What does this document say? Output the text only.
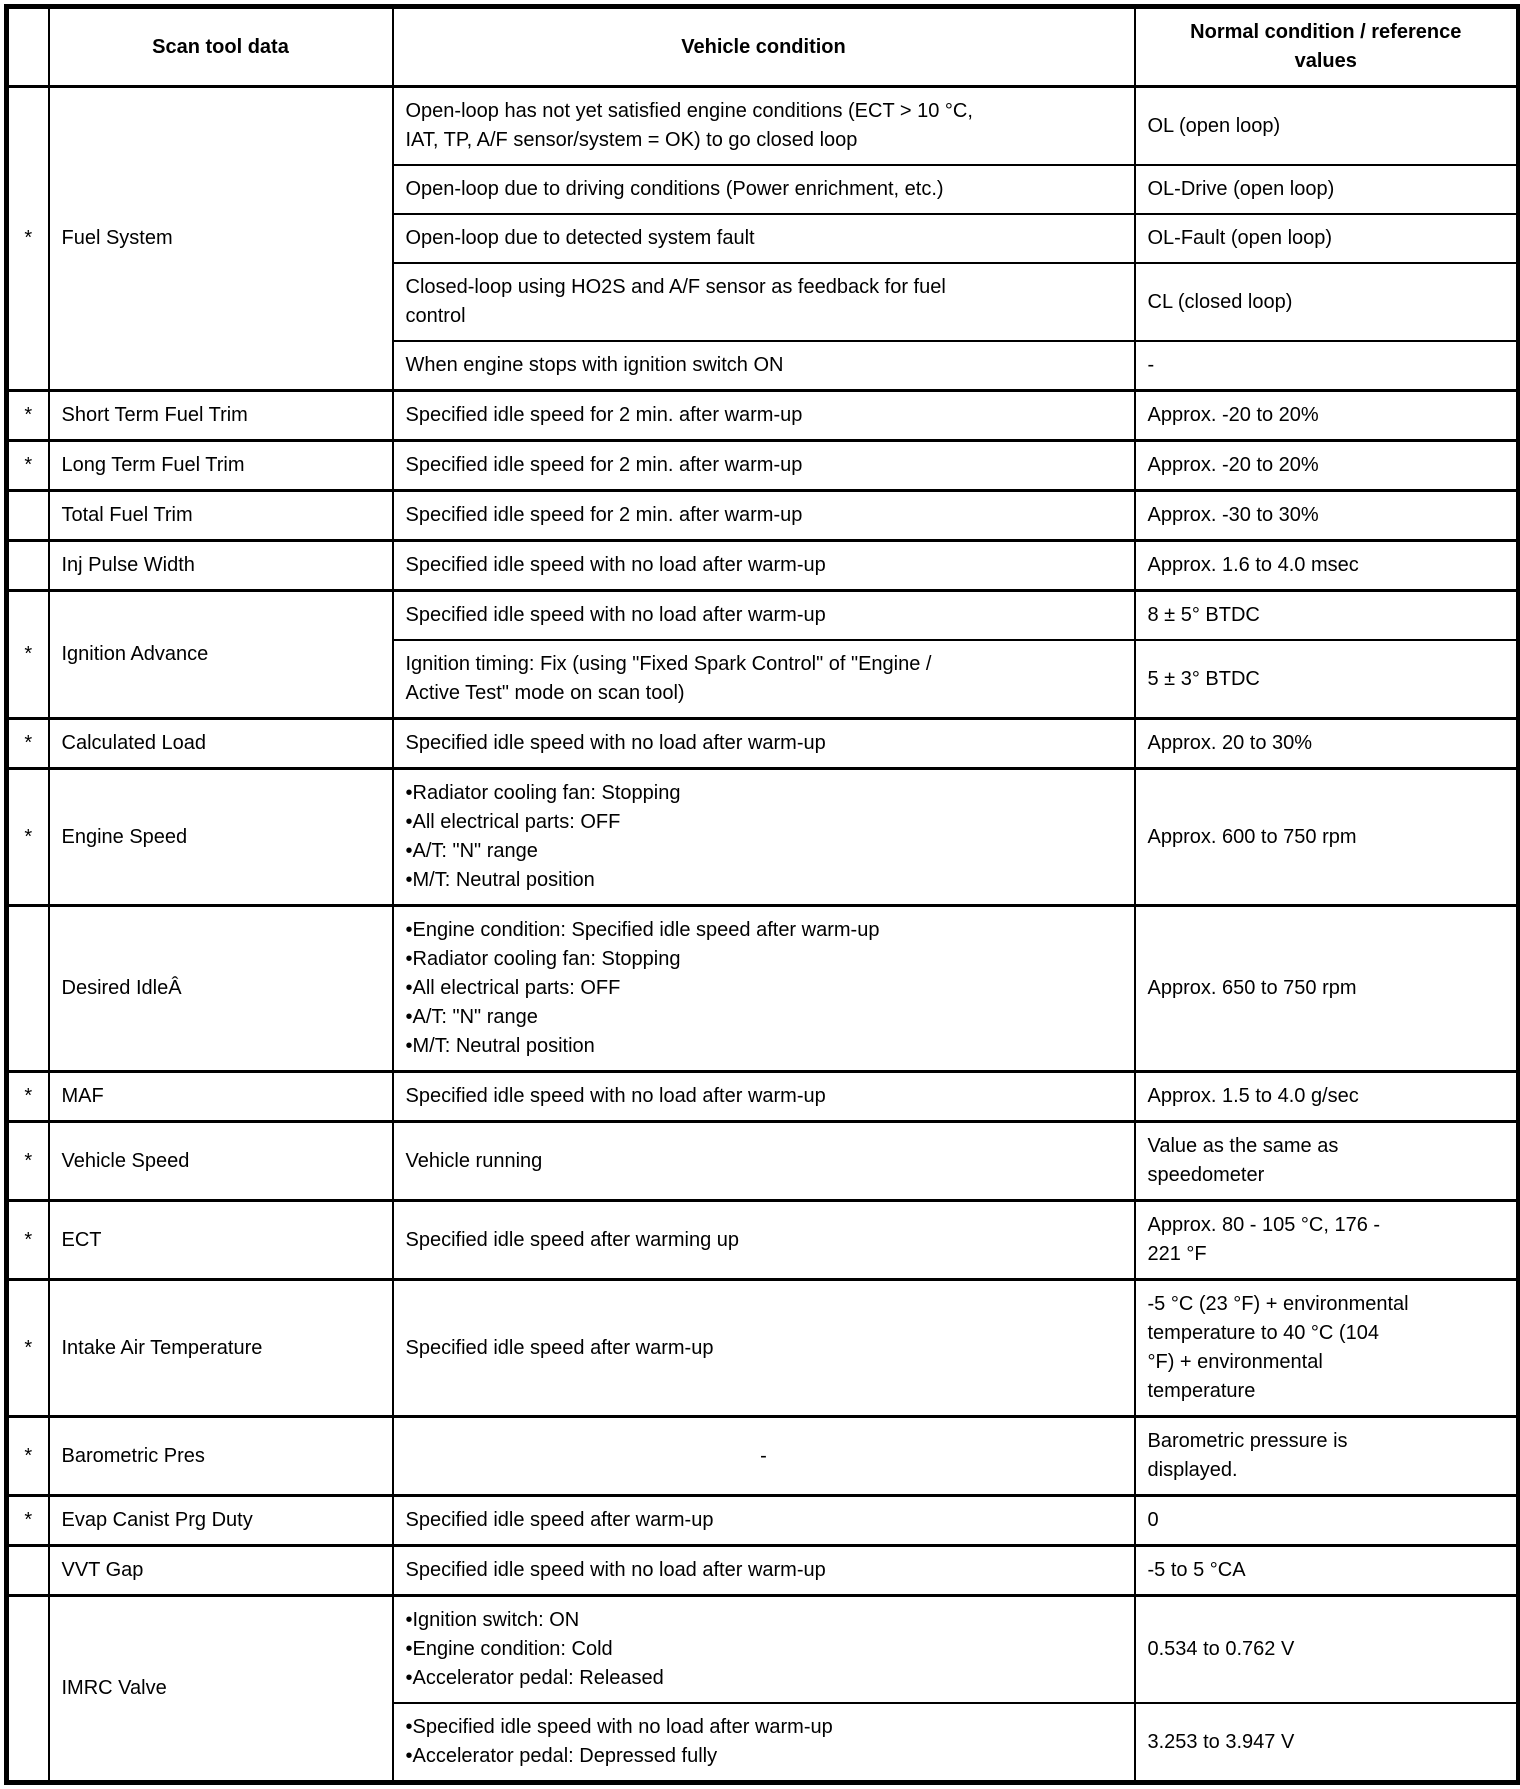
	Scan tool data	Vehicle condition	Normal condition / reference
values
*	Fuel System	Open-loop has not yet satisfied engine conditions (ECT > 10 °C,
IAT, TP, A/F sensor/system = OK) to go closed loop	OL (open loop)
		Open-loop due to driving conditions (Power enrichment, etc.)	OL-Drive (open loop)
		Open-loop due to detected system fault	OL-Fault (open loop)
		Closed-loop using HO2S and A/F sensor as feedback for fuel
control	CL (closed loop)
		When engine stops with ignition switch ON	-
*	Short Term Fuel Trim	Specified idle speed for 2 min. after warm-up	Approx. -20 to 20%
*	Long Term Fuel Trim	Specified idle speed for 2 min. after warm-up	Approx. -20 to 20%
	Total Fuel Trim	Specified idle speed for 2 min. after warm-up	Approx. -30 to 30%
	Inj Pulse Width	Specified idle speed with no load after warm-up	Approx. 1.6 to 4.0 msec
*	Ignition Advance	Specified idle speed with no load after warm-up	8 ± 5° BTDC
		Ignition timing: Fix (using "Fixed Spark Control" of "Engine /
Active Test" mode on scan tool)	5 ± 3° BTDC
*	Calculated Load	Specified idle speed with no load after warm-up	Approx. 20 to 30%
*	Engine Speed	•Radiator cooling fan: Stopping
•All electrical parts: OFF
•A/T: "N" range
•M/T: Neutral position	Approx. 600 to 750 rpm
	Desired IdleÂ	•Engine condition: Specified idle speed after warm-up
•Radiator cooling fan: Stopping
•All electrical parts: OFF
•A/T: "N" range
•M/T: Neutral position	Approx. 650 to 750 rpm
*	MAF	Specified idle speed with no load after warm-up	Approx. 1.5 to 4.0 g/sec
*	Vehicle Speed	Vehicle running	Value as the same as
speedometer
*	ECT	Specified idle speed after warming up	Approx. 80 - 105 °C, 176 -
221 °F
*	Intake Air Temperature	Specified idle speed after warm-up	-5 °C (23 °F) + environmental
temperature to 40 °C (104
°F) + environmental
temperature
*	Barometric Pres	-	Barometric pressure is
displayed.
*	Evap Canist Prg Duty	Specified idle speed after warm-up	0
	VVT Gap	Specified idle speed with no load after warm-up	-5 to 5 °CA
	IMRC Valve	•Ignition switch: ON
•Engine condition: Cold
•Accelerator pedal: Released	0.534 to 0.762 V

		•Specified idle speed with no load after warm-up
•Accelerator pedal: Depressed fully	3.253 to 3.947 V
